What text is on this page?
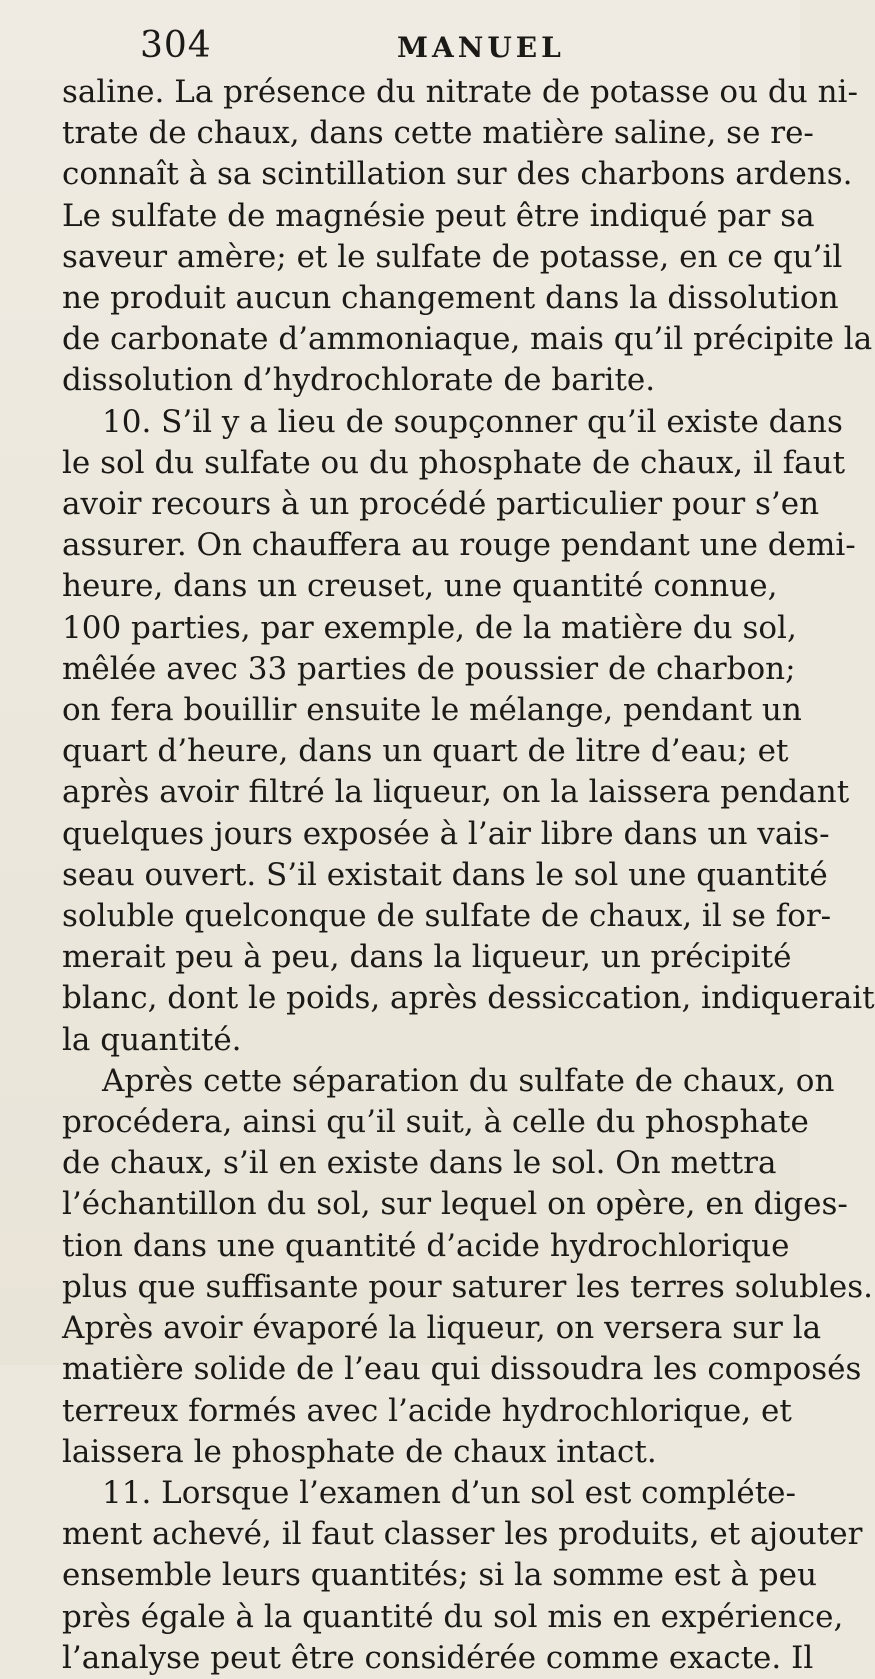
304	MANUEL
saline. La présence du nitrate de potasse ou du ni-
trate de chaux, dans cette matière saline, se re-
connaît à sa scintillation sur des charbons ardens.
Le sulfate de magnésie peut être indiqué par sa
saveur amère; et le sulfate de potasse, en ce qu’il
ne produit aucun changement dans la dissolution
de carbonate d’ammoniaque, mais qu’il précipite la
dissolution d’hydrochlorate de barite.
10. S’il y a lieu de soupçonner qu’il existe dans
le sol du sulfate ou du phosphate de chaux, il faut
avoir recours à un procédé particulier pour s’en
assurer. On chauffera au rouge pendant une demi-
heure, dans un creuset, une quantité connue,
100 parties, par exemple, de la matière du sol,
mêlée avec 33 parties de poussier de charbon;
on fera bouillir ensuite le mélange, pendant un
quart d’heure, dans un quart de litre d’eau; et
après avoir filtré la liqueur, on la laissera pendant
quelques jours exposée à l’air libre dans un vais-
seau ouvert. S’il existait dans le sol une quantité
soluble quelconque de sulfate de chaux, il se for-
merait peu à peu, dans la liqueur, un précipité
blanc, dont le poids, après dessiccation, indiquerait
la quantité.
Après cette séparation du sulfate de chaux, on
procédera, ainsi qu’il suit, à celle du phosphate
de chaux, s’il en existe dans le sol. On mettra
l’échantillon du sol, sur lequel on opère, en diges-
tion dans une quantité d’acide hydrochlorique
plus que suffisante pour saturer les terres solubles.
Après avoir évaporé la liqueur, on versera sur la
matière solide de l’eau qui dissoudra les composés
terreux formés avec l’acide hydrochlorique, et
laissera le phosphate de chaux intact.
11. Lorsque l’examen d’un sol est compléte-
ment achevé, il faut classer les produits, et ajouter
ensemble leurs quantités; si la somme est à peu
près égale à la quantité du sol mis en expérience,
l’analyse peut être considérée comme exacte. Il
